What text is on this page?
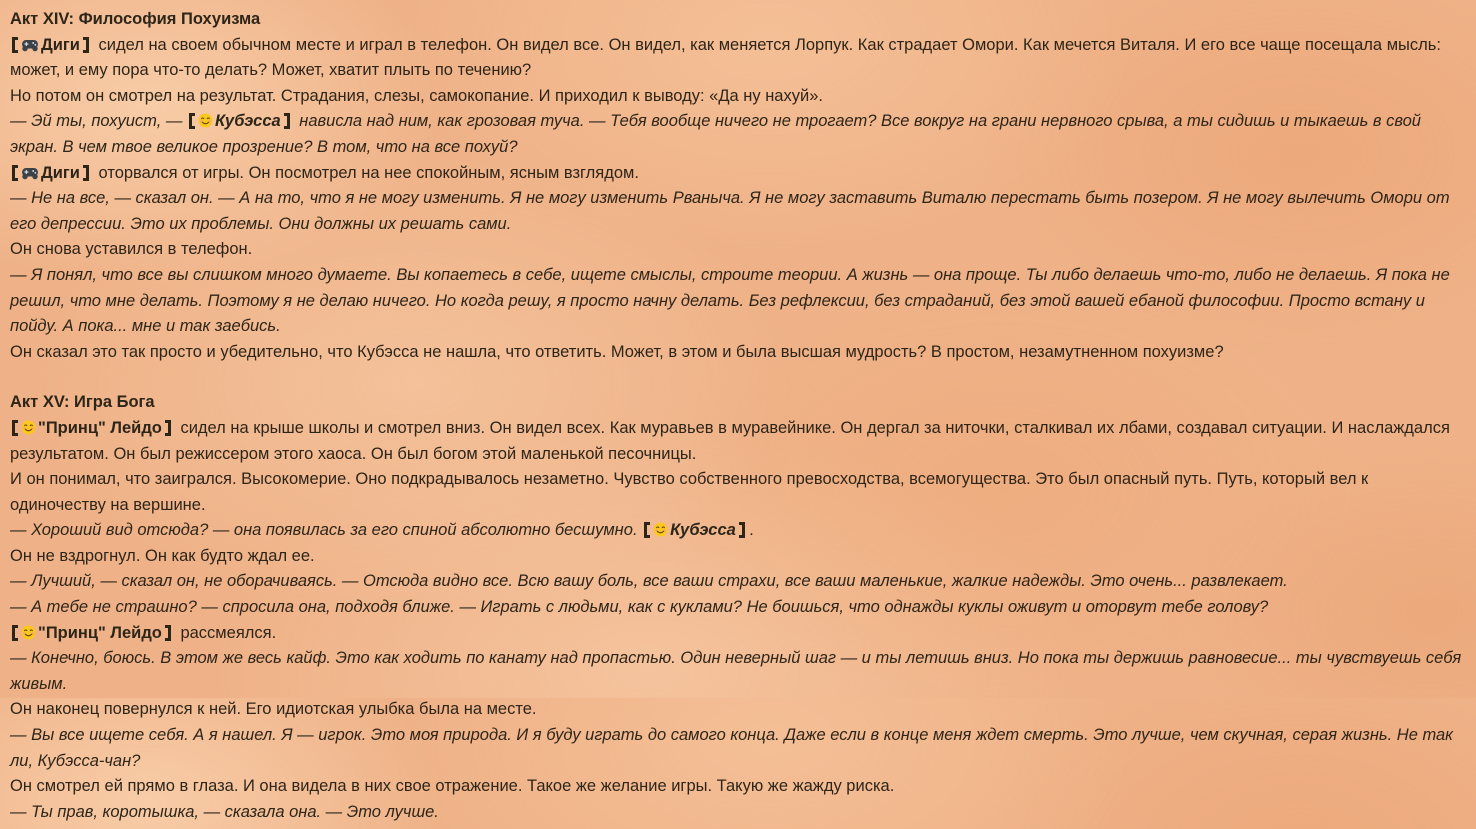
Акт XIV: Философия Похуизма
Диги сидел на своем обычном месте и играл в телефон. Он видел все. Он видел, как меняется Лорпук. Как страдает Омори. Как мечется Виталя. И его все чаще посещала мысль: может, и ему пора что-то делать? Может, хватит плыть по течению?
Но потом он смотрел на результат. Страдания, слезы, самокопание. И приходил к выводу: «Да ну нахуй».
— Эй ты, похуист, — Кубэсса нависла над ним, как грозовая туча. — Тебя вообще ничего не трогает? Все вокруг на грани нервного срыва, а ты сидишь и тыкаешь в свой экран. В чем твое великое прозрение? В том, что на все похуй?
Диги оторвался от игры. Он посмотрел на нее спокойным, ясным взглядом.
— Не на все, — сказал он. — А на то, что я не могу изменить. Я не могу изменить Рваныча. Я не могу заставить Виталю перестать быть позером. Я не могу вылечить Омори от его депрессии. Это их проблемы. Они должны их решать сами.
Он снова уставился в телефон.
— Я понял, что все вы слишком много думаете. Вы копаетесь в себе, ищете смыслы, строите теории. А жизнь — она проще. Ты либо делаешь что-то, либо не делаешь. Я пока не решил, что мне делать. Поэтому я не делаю ничего. Но когда решу, я просто начну делать. Без рефлексии, без страданий, без этой вашей ебаной философии. Просто встану и пойду. А пока... мне и так заебись.
Он сказал это так просто и убедительно, что Кубэсса не нашла, что ответить. Может, в этом и была высшая мудрость? В простом, незамутненном похуизме?
Акт XV: Игра Бога
"Принц" Лейдо сидел на крыше школы и смотрел вниз. Он видел всех. Как муравьев в муравейнике. Он дергал за ниточки, сталкивал их лбами, создавал ситуации. И наслаждался результатом. Он был режиссером этого хаоса. Он был богом этой маленькой песочницы.
И он понимал, что заигрался. Высокомерие. Оно подкрадывалось незаметно. Чувство собственного превосходства, всемогущества. Это был опасный путь. Путь, который вел к одиночеству на вершине.
— Хороший вид отсюда? — она появилась за его спиной абсолютно бесшумно. Кубэсса .
Он не вздрогнул. Он как будто ждал ее.
— Лучший, — сказал он, не оборачиваясь. — Отсюда видно все. Всю вашу боль, все ваши страхи, все ваши маленькие, жалкие надежды. Это очень... развлекает.
— А тебе не страшно? — спросила она, подходя ближе. — Играть с людьми, как с куклами? Не боишься, что однажды куклы оживут и оторвут тебе голову?
"Принц" Лейдо рассмеялся.
— Конечно, боюсь. В этом же весь кайф. Это как ходить по канату над пропастью. Один неверный шаг — и ты летишь вниз. Но пока ты держишь равновесие... ты чувствуешь себя живым.
Он наконец повернулся к ней. Его идиотская улыбка была на месте.
— Вы все ищете себя. А я нашел. Я — игрок. Это моя природа. И я буду играть до самого конца. Даже если в конце меня ждет смерть. Это лучше, чем скучная, серая жизнь. Не так ли, Кубэсса-чан?
Он смотрел ей прямо в глаза. И она видела в них свое отражение. Такое же желание игры. Такую же жажду риска.
— Ты прав, коротышка, — сказала она. — Это лучше.
